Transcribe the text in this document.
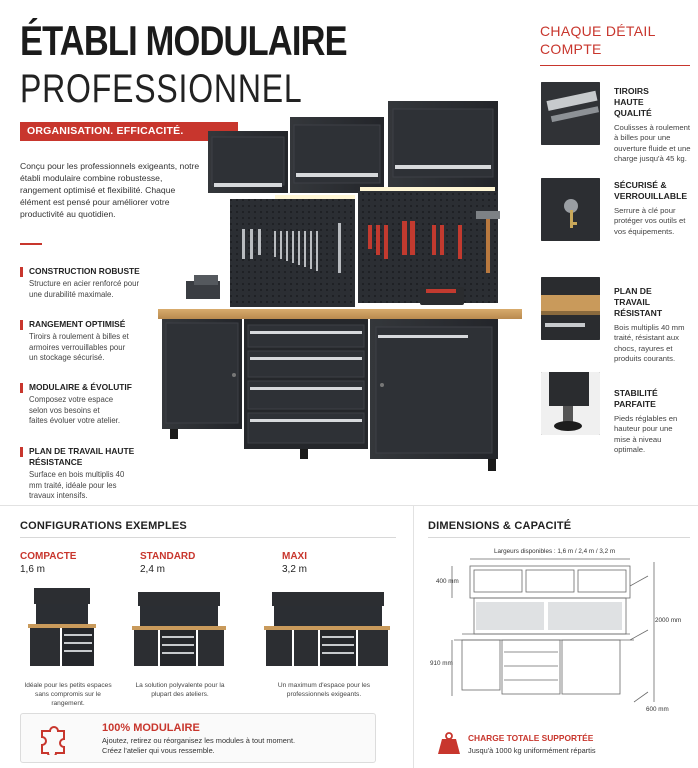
ÉTABLI MODULAIRE
PROFESSIONNEL
ORGANISATION. EFFICACITÉ. PERFORMANCE.
Conçu pour les professionnels exigeants, notre établi modulaire combine robustesse, rangement optimisé et flexibilité. Chaque élément est pensé pour améliorer votre productivité au quotidien.
CONSTRUCTION ROBUSTE
Structure en acier renforcé pour une durabilité maximale.
RANGEMENT OPTIMISÉ
Tiroirs à roulement à billes et armoires verrouillables pour un stockage sécurisé.
MODULAIRE & ÉVOLUTIF
Composez votre espace selon vos besoins et faites évoluer votre atelier.
PLAN DE TRAVAIL HAUTE RÉSISTANCE
Surface en bois multiplis 40 mm traité, idéale pour les travaux intensifs.
CHAQUE DÉTAIL
COMPTE
TIROIRS HAUTE QUALITÉ
Coulisses à roulement à billes pour une ouverture fluide et une charge jusqu'à 45 kg.
SÉCURISÉ & VERROUILLABLE
Serrure à clé pour protéger vos outils et vos équipements.
PLAN DE TRAVAIL RÉSISTANT
Bois multiplis 40 mm traité, résistant aux chocs, rayures et produits courants.
STABILITÉ PARFAITE
Pieds réglables en hauteur pour une mise à niveau optimale.
CONFIGURATIONS EXEMPLES
COMPACTE
1,6 m
STANDARD
2,4 m
MAXI
3,2 m
Idéale pour les petits espaces sans compromis sur le rangement.
La solution polyvalente pour la plupart des ateliers.
Un maximum d'espace pour les professionnels exigeants.
100% MODULAIRE
Ajoutez, retirez ou réorganisez les modules à tout moment.
Créez l'atelier qui vous ressemble.
DIMENSIONS & CAPACITÉ
Largeurs disponibles : 1,6 m / 2,4 m / 3,2 m
400 mm
2000 mm
910 mm
600 mm
CHARGE TOTALE SUPPORTÉE
Jusqu'à 1000 kg uniformément répartis
